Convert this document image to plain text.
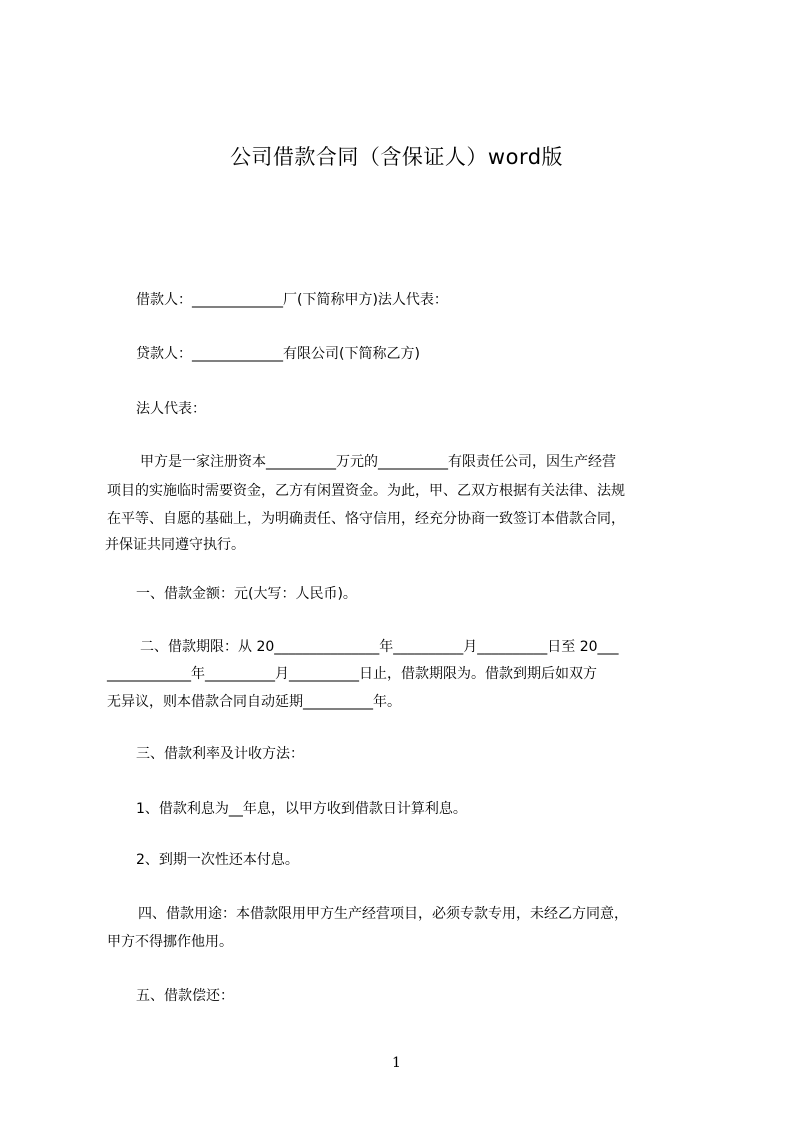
公司借款合同（含保证人）word版
借款人：_____________厂(下简称甲方)法人代表：
贷款人：_____________有限公司(下简称乙方)
法人代表：
甲方是一家注册资本__________万元的__________有限责任公司，因生产经营
项目的实施临时需要资金，乙方有闲置资金。为此，甲、乙双方根据有关法律、法规
在平等、自愿的基础上，为明确责任、恪守信用，经充分协商一致签订本借款合同，
并保证共同遵守执行。
一、借款金额：元(大写：人民币)。
二、借款期限：从 20_______________年__________月__________日至 20___
____________年__________月__________日止，借款期限为。借款到期后如双方
无异议，则本借款合同自动延期__________年。
三、借款利率及计收方法：
1、借款利息为__年息，以甲方收到借款日计算利息。
2、到期一次性还本付息。
四、借款用途：本借款限用甲方生产经营项目，必须专款专用，未经乙方同意，
甲方不得挪作他用。
五、借款偿还：
1
